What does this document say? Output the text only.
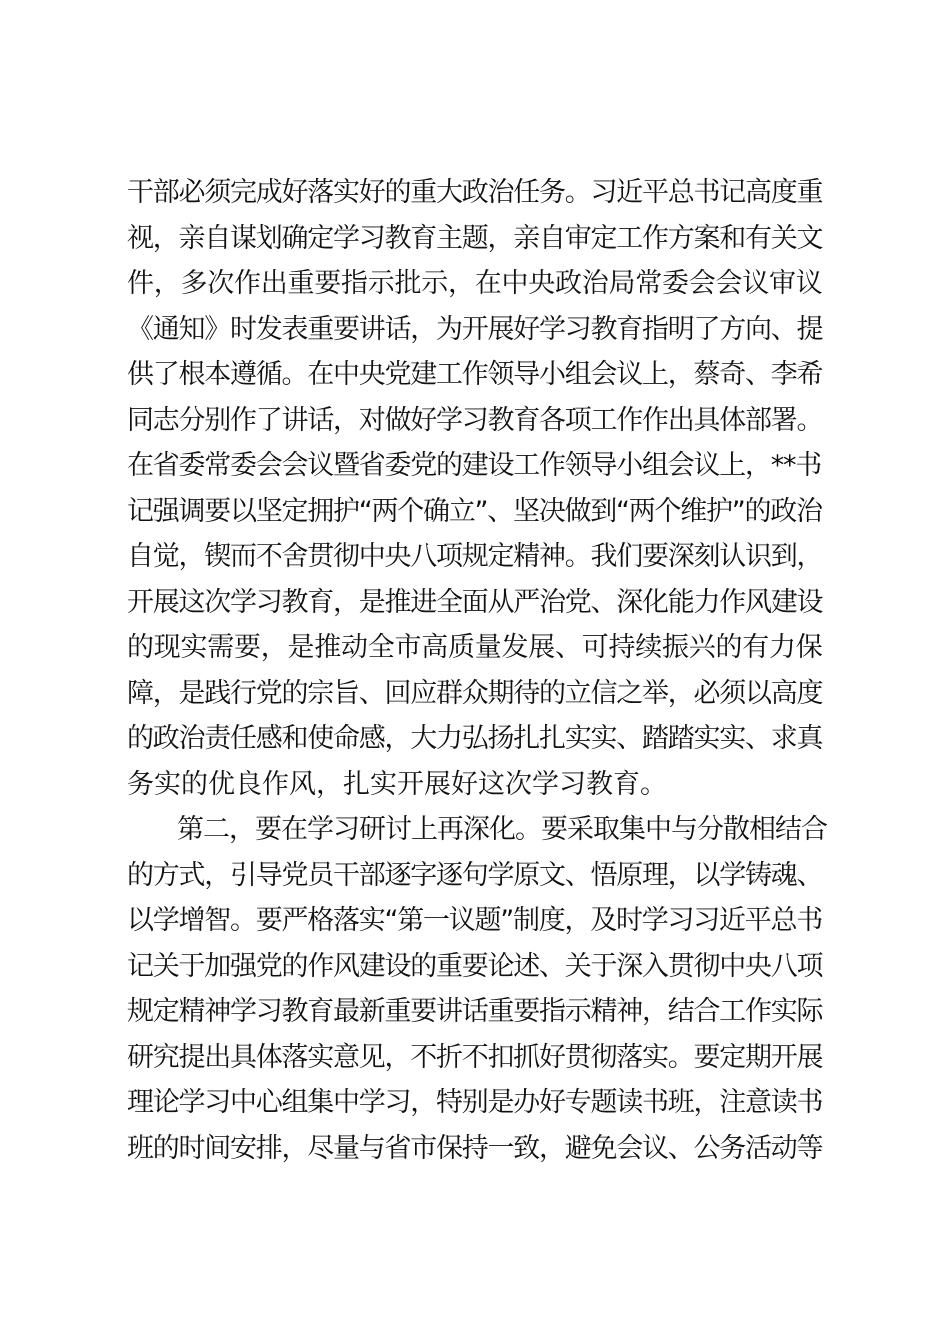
干部必须完成好落实好的重大政治任务。习近平总书记高度重
视，亲自谋划确定学习教育主题，亲自审定工作方案和有关文
件，多次作出重要指示批示，在中央政治局常委会会议审议
《通知》时发表重要讲话，为开展好学习教育指明了方向、提
供了根本遵循。在中央党建工作领导小组会议上，蔡奇、李希
同志分别作了讲话，对做好学习教育各项工作作出具体部署。
在省委常委会会议暨省委党的建设工作领导小组会议上，**书
记强调要以坚定拥护“两个确立”、坚决做到“两个维护”的政治
自觉，锲而不舍贯彻中央八项规定精神。我们要深刻认识到，
开展这次学习教育，是推进全面从严治党、深化能力作风建设
的现实需要，是推动全市高质量发展、可持续振兴的有力保
障，是践行党的宗旨、回应群众期待的立信之举，必须以高度
的政治责任感和使命感，大力弘扬扎扎实实、踏踏实实、求真
务实的优良作风，扎实开展好这次学习教育。
第二，要在学习研讨上再深化。要采取集中与分散相结合
的方式，引导党员干部逐字逐句学原文、悟原理，以学铸魂、
以学增智。要严格落实“第一议题”制度，及时学习习近平总书
记关于加强党的作风建设的重要论述、关于深入贯彻中央八项
规定精神学习教育最新重要讲话重要指示精神，结合工作实际
研究提出具体落实意见，不折不扣抓好贯彻落实。要定期开展
理论学习中心组集中学习，特别是办好专题读书班，注意读书
班的时间安排，尽量与省市保持一致，避免会议、公务活动等
